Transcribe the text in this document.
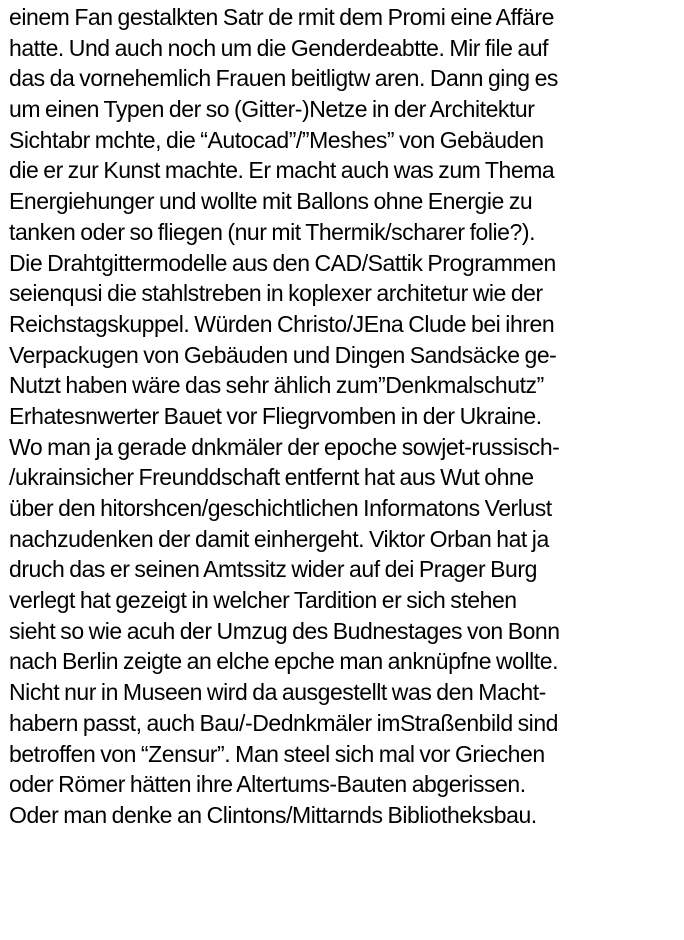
einem Fan gestalkten Satr de rmit dem Promi eine Affäre
hatte. Und auch noch um die Genderdeabtte. Mir file auf
das da vornehemlich Frauen beitligtw aren. Dann ging es
um einen Typen der so (Gitter-)Netze in der Architektur
Sichtabr mchte, die “Autocad”/”Meshes” von Gebäuden
die er zur Kunst machte. Er macht auch was zum Thema
Energiehunger und wollte mit Ballons ohne Energie zu
tanken oder so fliegen (nur mit Thermik/scharer folie?).
Die Drahtgittermodelle aus den CAD/Sattik Programmen
seienqusi die stahlstreben in koplexer architetur wie der
Reichstagskuppel. Würden Christo/JEna Clude bei ihren
Verpackugen von Gebäuden und Dingen Sandsäcke ge-
Nutzt haben wäre das sehr ählich zum”Denkmalschutz”
Erhatesnwerter Bauet vor Fliegrvomben in der Ukraine.
Wo man ja gerade dnkmäler der epoche sowjet-russisch-
/ukrainsicher Freunddschaft entfernt hat aus Wut ohne
über den hitorshcen/geschichtlichen Informatons Verlust
nachzudenken der damit einhergeht. Viktor Orban hat ja
druch das er seinen Amtssitz wider auf dei Prager Burg
verlegt hat gezeigt in welcher Tardition er sich stehen
sieht so wie acuh der Umzug des Budnestages von Bonn
nach Berlin zeigte an elche epche man anknüpfne wollte.
Nicht nur in Museen wird da ausgestellt was den Macht-
habern passt, auch Bau/-Dednkmäler imStraßenbild sind
betroffen von “Zensur”. Man steel sich mal vor Griechen
oder Römer hätten ihre Altertums-Bauten abgerissen.
Oder man denke an Clintons/Mittarnds Bibliotheksbau.
